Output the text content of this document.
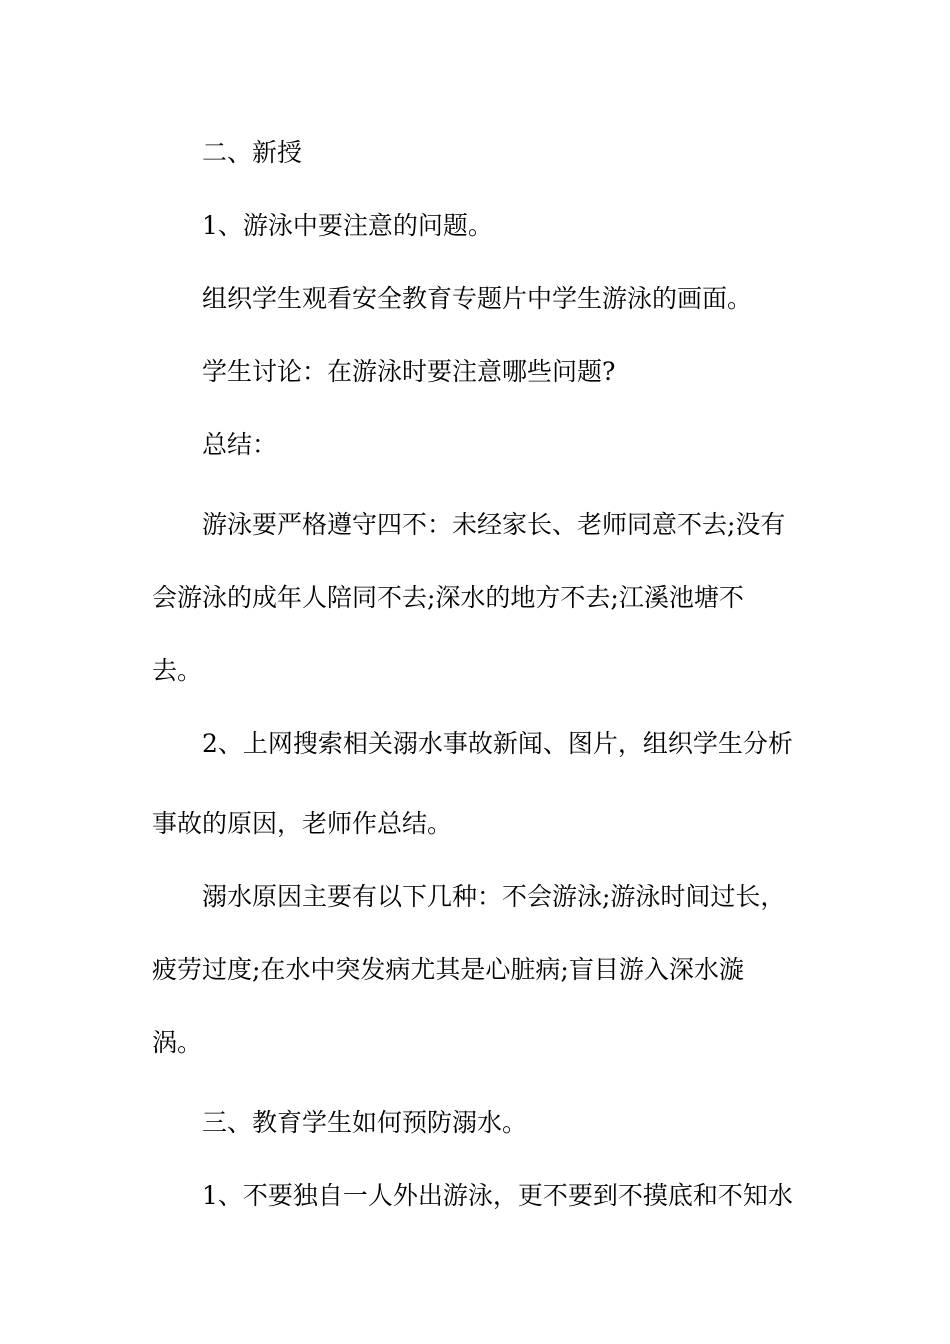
二、新授
1、游泳中要注意的问题。
组织学生观看安全教育专题片中学生游泳的画面。
学生讨论：在游泳时要注意哪些问题?
总结：
游泳要严格遵守四不：未经家长、老师同意不去;没有
会游泳的成年人陪同不去;深水的地方不去;江溪池塘不
去。
2、上网搜索相关溺水事故新闻、图片，组织学生分析
事故的原因，老师作总结。
溺水原因主要有以下几种：不会游泳;游泳时间过长，
疲劳过度;在水中突发病尤其是心脏病;盲目游入深水漩
涡。
三、教育学生如何预防溺水。
1、不要独自一人外出游泳，更不要到不摸底和不知水
